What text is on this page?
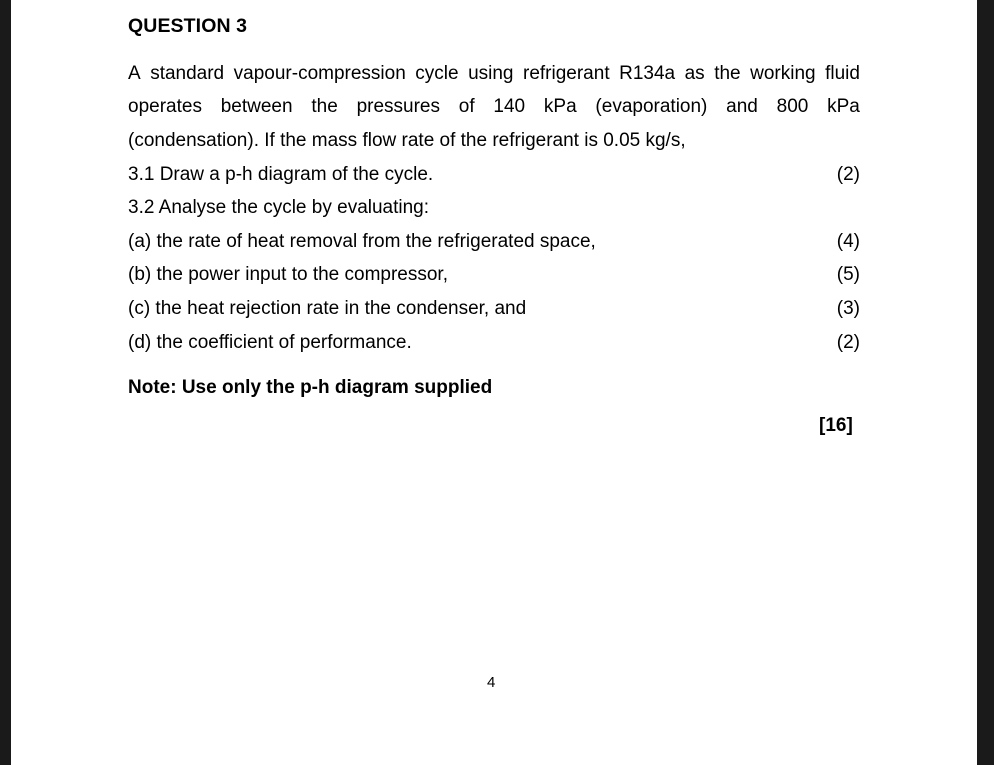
QUESTION 3
A standard vapour-compression cycle using refrigerant R134a as the working fluid
operates between the pressures of 140 kPa (evaporation) and 800 kPa
(condensation). If the mass flow rate of the refrigerant is 0.05 kg/s,
3.1 Draw a p-h diagram of the cycle.	(2)
3.2 Analyse the cycle by evaluating:
(a) the rate of heat removal from the refrigerated space,	(4)
(b) the power input to the compressor,	(5)
(c) the heat rejection rate in the condenser, and	(3)
(d) the coefficient of performance.	(2)
Note: Use only the p-h diagram supplied
[16]
4
